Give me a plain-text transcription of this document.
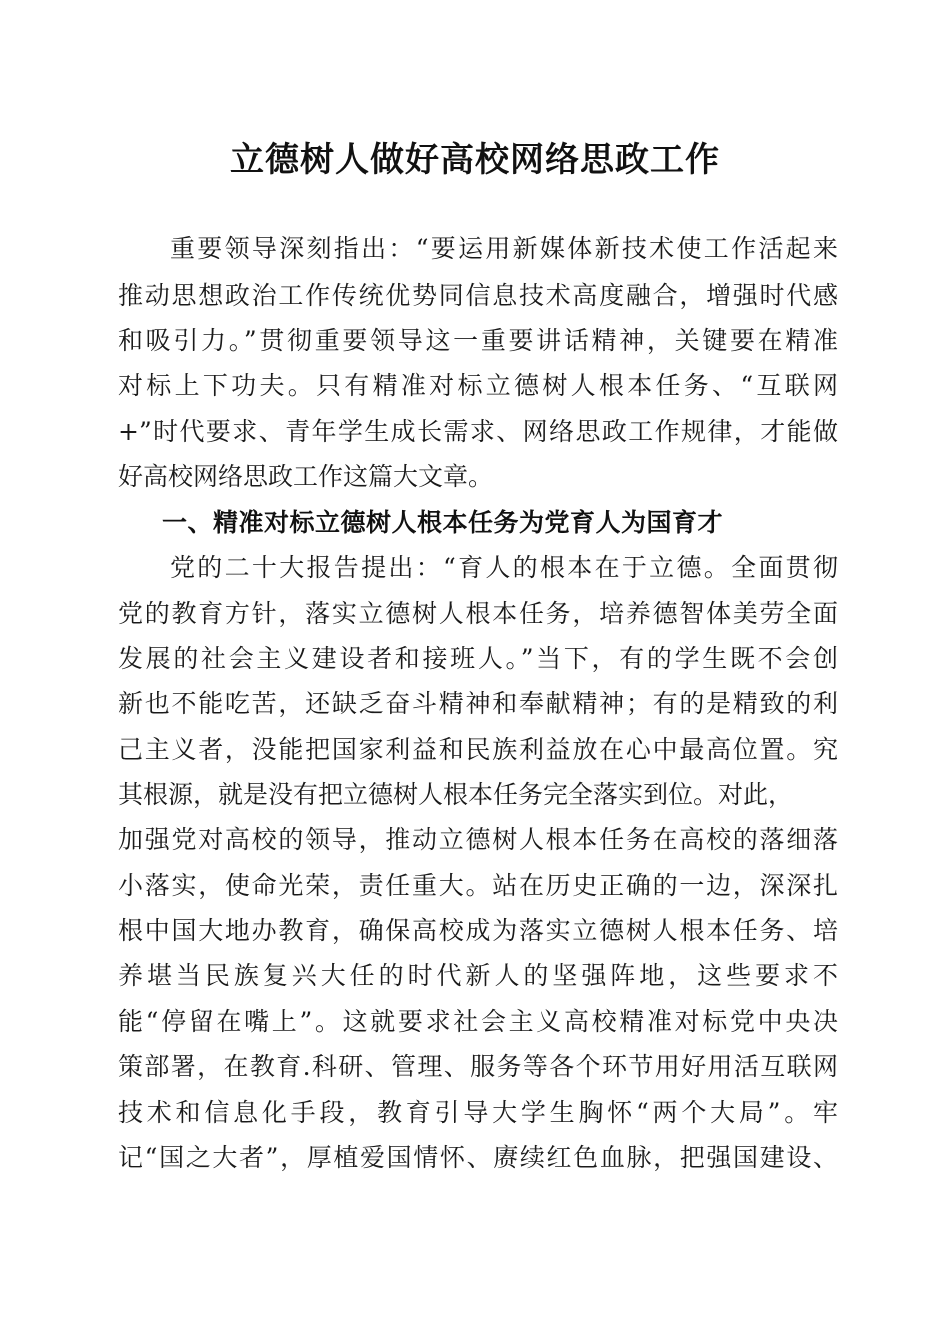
立德树人做好高校网络思政工作
重要领导深刻指出：“要运用新媒体新技术使工作活起来
推动思想政治工作传统优势同信息技术高度融合，增强时代感
和吸引力。”贯彻重要领导这一重要讲话精神，关键要在精准
对标上下功夫。只有精准对标立德树人根本任务、“互联网
+”时代要求、青年学生成长需求、网络思政工作规律，才能做
好高校网络思政工作这篇大文章。
一、精准对标立德树人根本任务为党育人为国育才
党的二十大报告提出：“育人的根本在于立德。全面贯彻
党的教育方针，落实立德树人根本任务，培养德智体美劳全面
发展的社会主义建设者和接班人。”当下，有的学生既不会创
新也不能吃苦，还缺乏奋斗精神和奉献精神；有的是精致的利
己主义者，没能把国家利益和民族利益放在心中最高位置。究
其根源，就是没有把立德树人根本任务完全落实到位。对此，
加强党对高校的领导，推动立德树人根本任务在高校的落细落
小落实，使命光荣，责任重大。站在历史正确的一边，深深扎
根中国大地办教育，确保高校成为落实立德树人根本任务、培
养堪当民族复兴大任的时代新人的坚强阵地，这些要求不
能“停留在嘴上”。这就要求社会主义高校精准对标党中央决
策部署，在教育.科研、管理、服务等各个环节用好用活互联网
技术和信息化手段，教育引导大学生胸怀“两个大局”。牢
记“国之大者”，厚植爱国情怀、赓续红色血脉，把强国建设、
